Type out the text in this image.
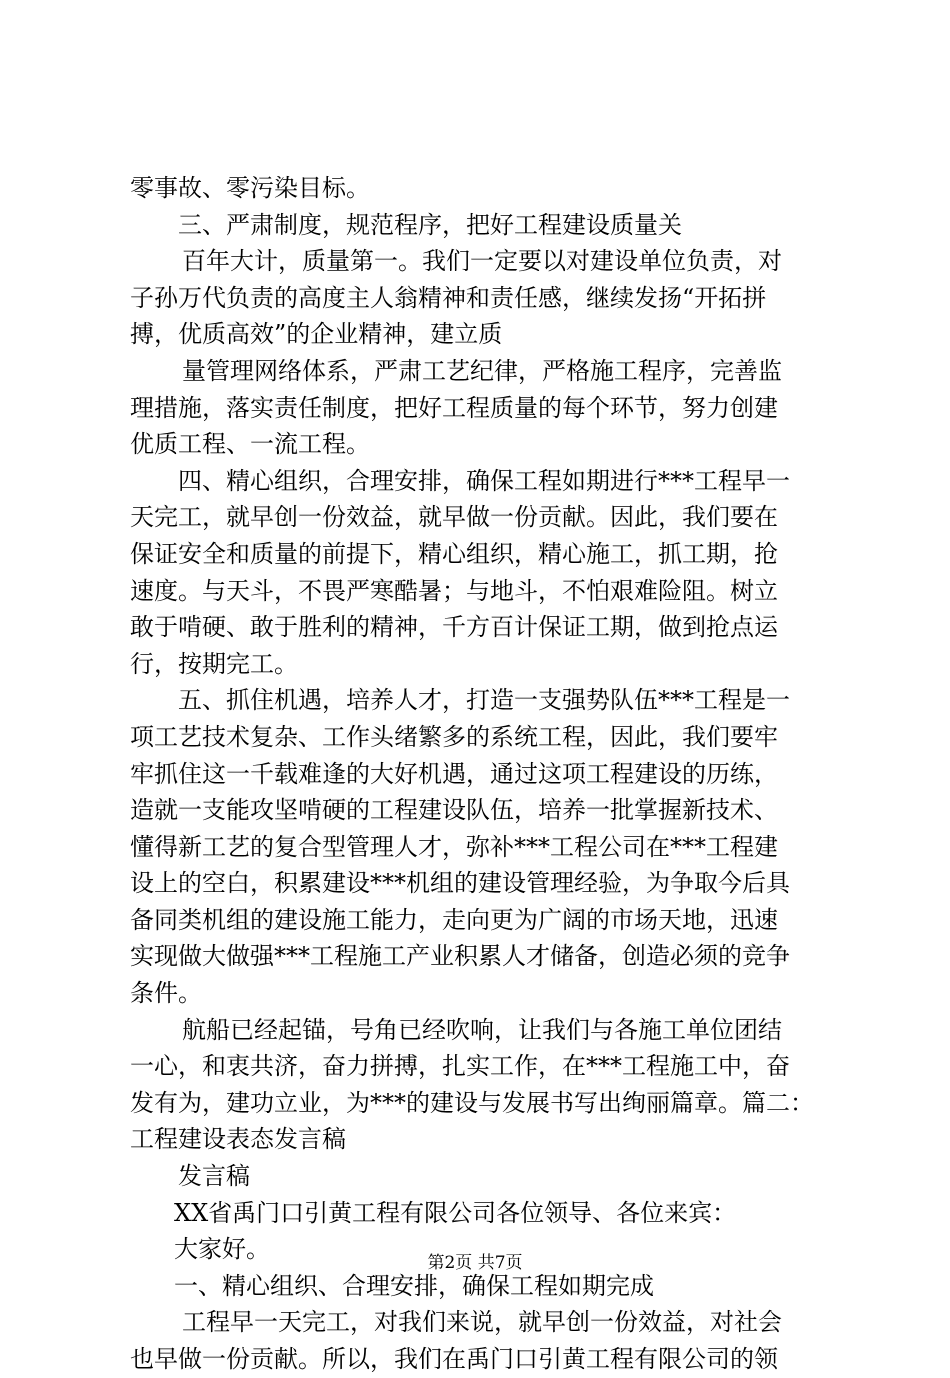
零事故、零污染目标。
三、严肃制度，规范程序，把好工程建设质量关
百年大计，质量第一。我们一定要以对建设单位负责，对
子孙万代负责的高度主人翁精神和责任感，继续发扬“开拓拼
搏，优质高效”的企业精神，建立质
量管理网络体系，严肃工艺纪律，严格施工程序，完善监
理措施，落实责任制度，把好工程质量的每个环节，努力创建
优质工程、一流工程。
四、精心组织，合理安排，确保工程如期进行***工程早一
天完工，就早创一份效益，就早做一份贡献。因此，我们要在
保证安全和质量的前提下，精心组织，精心施工，抓工期，抢
速度。与天斗，不畏严寒酷暑；与地斗，不怕艰难险阻。树立
敢于啃硬、敢于胜利的精神，千方百计保证工期，做到抢点运
行，按期完工。
五、抓住机遇，培养人才，打造一支强势队伍***工程是一
项工艺技术复杂、工作头绪繁多的系统工程，因此，我们要牢
牢抓住这一千载难逢的大好机遇，通过这项工程建设的历练，
造就一支能攻坚啃硬的工程建设队伍，培养一批掌握新技术、
懂得新工艺的复合型管理人才，弥补***工程公司在***工程建
设上的空白，积累建设***机组的建设管理经验，为争取今后具
备同类机组的建设施工能力，走向更为广阔的市场天地，迅速
实现做大做强***工程施工产业积累人才储备，创造必须的竞争
条件。
航船已经起锚，号角已经吹响，让我们与各施工单位团结
一心，和衷共济，奋力拼搏，扎实工作，在***工程施工中，奋
发有为，建功立业，为***的建设与发展书写出绚丽篇章。篇二：
工程建设表态发言稿
发言稿
XX省禹门口引黄工程有限公司各位领导、各位来宾：
大家好。
一、精心组织、合理安排，确保工程如期完成
工程早一天完工，对我们来说，就早创一份效益，对社会
也早做一份贡献。所以，我们在禹门口引黄工程有限公司的领
第2页 共7页
